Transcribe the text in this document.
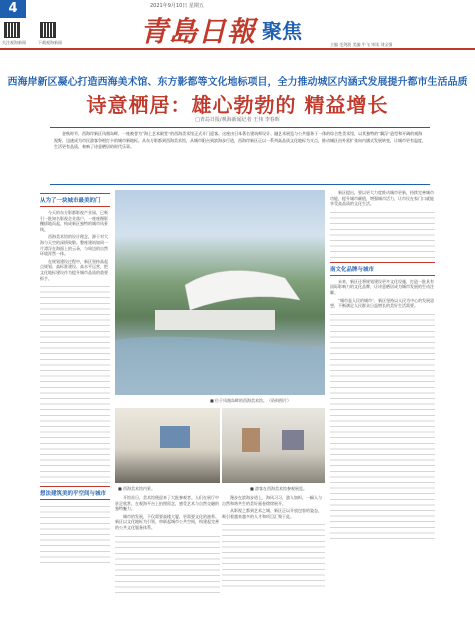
4	2021年9月10日 星期五
关注观海新闻	下载观海新闻	青島日報 聚焦
主编 毛剑波 美编 牛飞 审读 刘宝强
西海岸新区凝心打造西海美术馆、东方影都等文化地标项目，全力推动城区内涵式发展提升都市生活品质
诗意栖居：雄心勃勃的 精益增长
□青岛日报/观海新闻记者 王伟 李春晖

金秋时节，西海岸新区凤凰岛畔，一座被誉为“海上艺术殿堂”的西海美术馆正式开门迎客。这座由日本著名建筑师设计、融艺术展览与公共服务于一体的综合性美术馆，以其独特的“飘浮”造型和开阔的观海视野，迅速成为市民游客争相打卡的城市新地标。从东方影都到西海美术馆，从城市阳台到滨海步行道，西海岸新区正以一系列高品质文化地标为支点，推动城区由外延扩张向内涵式发展转变，让城市更有温度、生活更有品质，奏响了诗意栖居的时代乐章。

从为了一块城市最美的门

今天的东方影都影视产业园，已吸引一批知名影视企业落户，一座座摄影棚拔地而起，构成新区独特的城市风景线。

西海美术馆的设计理念，源于对大海与天空的深情致敬。整座建筑如同一片漂浮在海面上的云朵，与周边的自然环境浑然一体。

在规划建设过程中，新区坚持高起点规划、高标准建设、高水平运营，把文化地标建设作为提升城市品质的重要抓手。

想法建筑美的平空间与城市
■ 位于凤凰岛畔的西海美术馆。（资料图片）
■ 西海美术馆内景。	■ 游客在西海美术馆参观展览。

开馆首日，美术馆便迎来了大批参观者。人们在展厅中驻足欣赏，在观海平台上拍照留念，感受艺术与自然交融的独特魅力。

城市的发展，不仅需要高楼大厦，更需要文化的滋养。新区以文化地标为引领，串联起城市公共空间，构建起完善的公共文化服务体系。

漫步在滨海步道上，海风习习，游人如织，一幅人与自然和谐共生的美好画卷徐徐展开。

从影视之都到艺术之城，新区正以开放包容的姿态，吸引着越来越多的人才和项目汇聚于此。

新区提出，要以更大力度推动城市更新，持续完善城市功能，提升城市颜值，增强城市活力，让市民在家门口就能享受高品质的文化生活。

南文化品牌与城市

未来，新区还将规划建设更多文化设施，打造一批具有国际影响力的文化品牌，让诗意栖居成为城市发展的生动注脚。

“城市是人民的城市”，新区坚持以人民为中心的发展思想，不断满足人民群众日益增长的美好生活需要。
